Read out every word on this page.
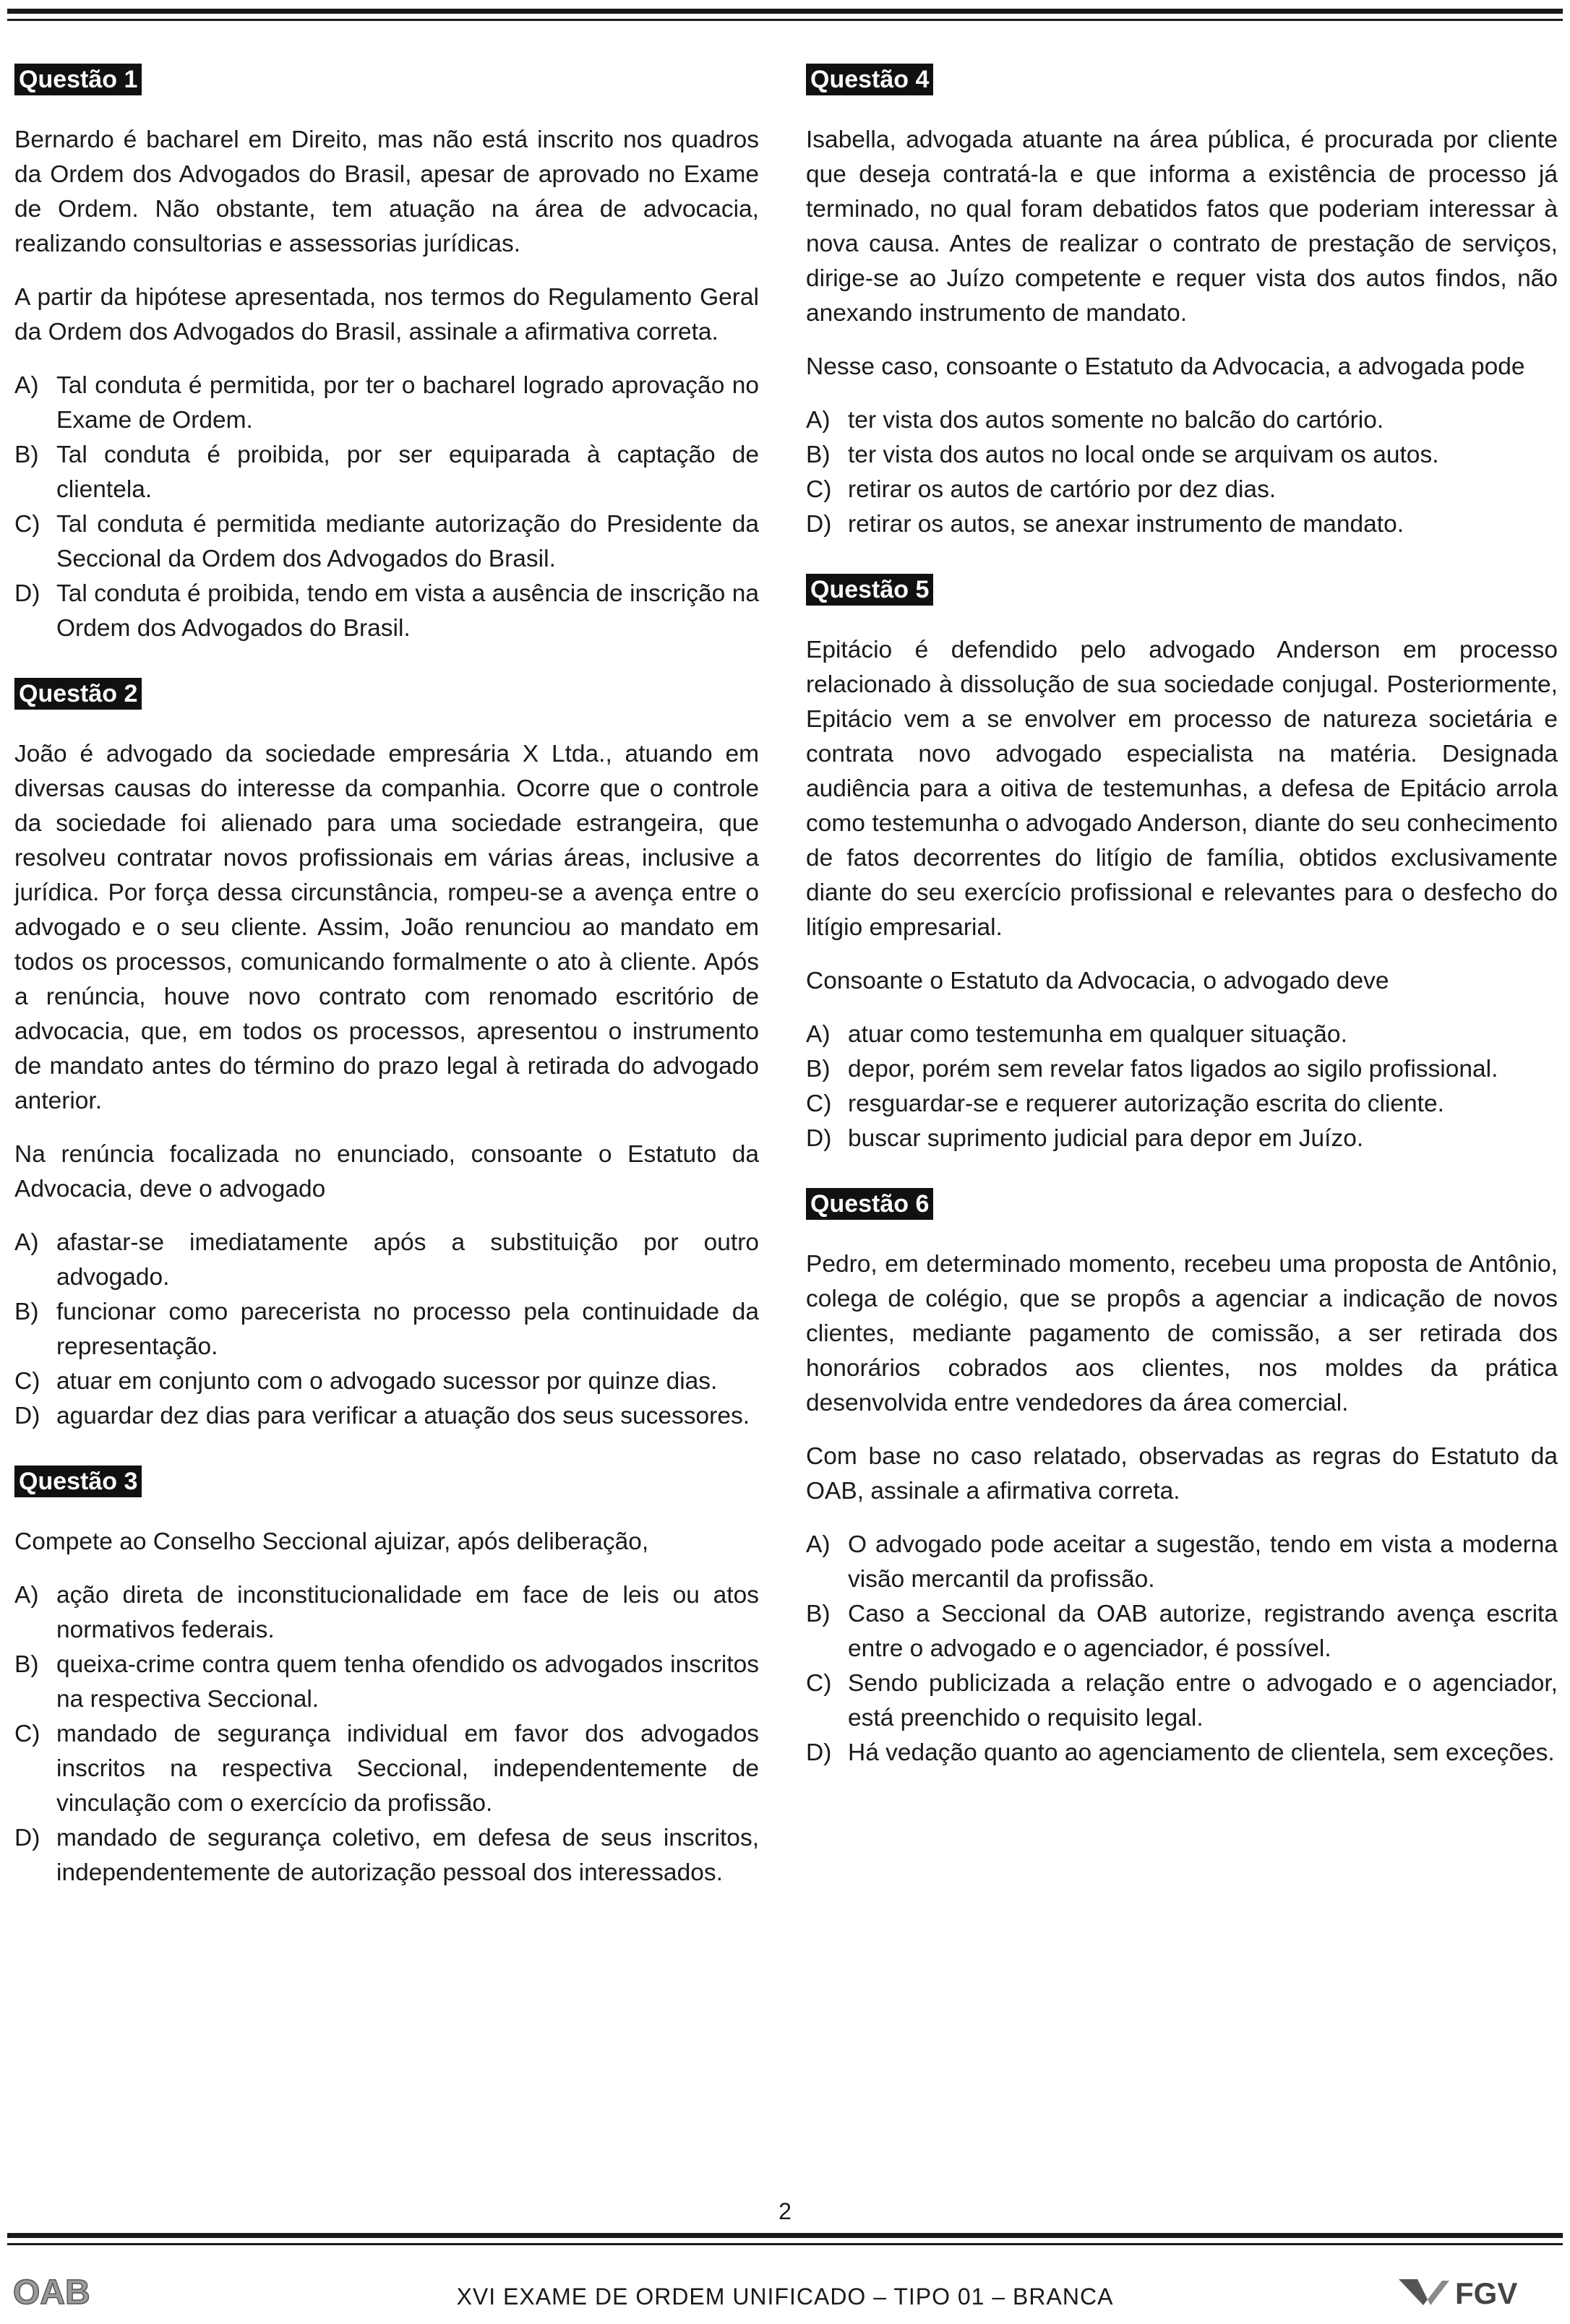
Questão 1

Bernardo é bacharel em Direito, mas não está inscrito nos quadros da Ordem dos Advogados do Brasil, apesar de aprovado no Exame de Ordem. Não obstante, tem atuação na área de advocacia, realizando consultorias e assessorias jurídicas.

A partir da hipótese apresentada, nos termos do Regulamento Geral da Ordem dos Advogados do Brasil, assinale a afirmativa correta.

A) Tal conduta é permitida, por ter o bacharel logrado aprovação no Exame de Ordem.
B) Tal conduta é proibida, por ser equiparada à captação de clientela.
C) Tal conduta é permitida mediante autorização do Presidente da Seccional da Ordem dos Advogados do Brasil.
D) Tal conduta é proibida, tendo em vista a ausência de inscrição na Ordem dos Advogados do Brasil.
Questão 2

João é advogado da sociedade empresária X Ltda., atuando em diversas causas do interesse da companhia. Ocorre que o controle da sociedade foi alienado para uma sociedade estrangeira, que resolveu contratar novos profissionais em várias áreas, inclusive a jurídica. Por força dessa circunstância, rompeu-se a avença entre o advogado e o seu cliente. Assim, João renunciou ao mandato em todos os processos, comunicando formalmente o ato à cliente. Após a renúncia, houve novo contrato com renomado escritório de advocacia, que, em todos os processos, apresentou o instrumento de mandato antes do término do prazo legal à retirada do advogado anterior.

Na renúncia focalizada no enunciado, consoante o Estatuto da Advocacia, deve o advogado

A) afastar-se imediatamente após a substituição por outro advogado.
B) funcionar como parecerista no processo pela continuidade da representação.
C) atuar em conjunto com o advogado sucessor por quinze dias.
D) aguardar dez dias para verificar a atuação dos seus sucessores.
Questão 3

Compete ao Conselho Seccional ajuizar, após deliberação,

A) ação direta de inconstitucionalidade em face de leis ou atos normativos federais.
B) queixa-crime contra quem tenha ofendido os advogados inscritos na respectiva Seccional.
C) mandado de segurança individual em favor dos advogados inscritos na respectiva Seccional, independentemente de vinculação com o exercício da profissão.
D) mandado de segurança coletivo, em defesa de seus inscritos, independentemente de autorização pessoal dos interessados.
Questão 4

Isabella, advogada atuante na área pública, é procurada por cliente que deseja contratá-la e que informa a existência de processo já terminado, no qual foram debatidos fatos que poderiam interessar à nova causa. Antes de realizar o contrato de prestação de serviços, dirige-se ao Juízo competente e requer vista dos autos findos, não anexando instrumento de mandato.

Nesse caso, consoante o Estatuto da Advocacia, a advogada pode

A) ter vista dos autos somente no balcão do cartório.
B) ter vista dos autos no local onde se arquivam os autos.
C) retirar os autos de cartório por dez dias.
D) retirar os autos, se anexar instrumento de mandato.
Questão 5

Epitácio é defendido pelo advogado Anderson em processo relacionado à dissolução de sua sociedade conjugal. Posteriormente, Epitácio vem a se envolver em processo de natureza societária e contrata novo advogado especialista na matéria. Designada audiência para a oitiva de testemunhas, a defesa de Epitácio arrola como testemunha o advogado Anderson, diante do seu conhecimento de fatos decorrentes do litígio de família, obtidos exclusivamente diante do seu exercício profissional e relevantes para o desfecho do litígio empresarial.

Consoante o Estatuto da Advocacia, o advogado deve

A) atuar como testemunha em qualquer situação.
B) depor, porém sem revelar fatos ligados ao sigilo profissional.
C) resguardar-se e requerer autorização escrita do cliente.
D) buscar suprimento judicial para depor em Juízo.
Questão 6

Pedro, em determinado momento, recebeu uma proposta de Antônio, colega de colégio, que se propôs a agenciar a indicação de novos clientes, mediante pagamento de comissão, a ser retirada dos honorários cobrados aos clientes, nos moldes da prática desenvolvida entre vendedores da área comercial.

Com base no caso relatado, observadas as regras do Estatuto da OAB, assinale a afirmativa correta.

A) O advogado pode aceitar a sugestão, tendo em vista a moderna visão mercantil da profissão.
B) Caso a Seccional da OAB autorize, registrando avença escrita entre o advogado e o agenciador, é possível.
C) Sendo publicizada a relação entre o advogado e o agenciador, está preenchido o requisito legal.
D) Há vedação quanto ao agenciamento de clientela, sem exceções.
2
OAB	XVI EXAME DE ORDEM UNIFICADO – TIPO 01 – BRANCA	FGV
